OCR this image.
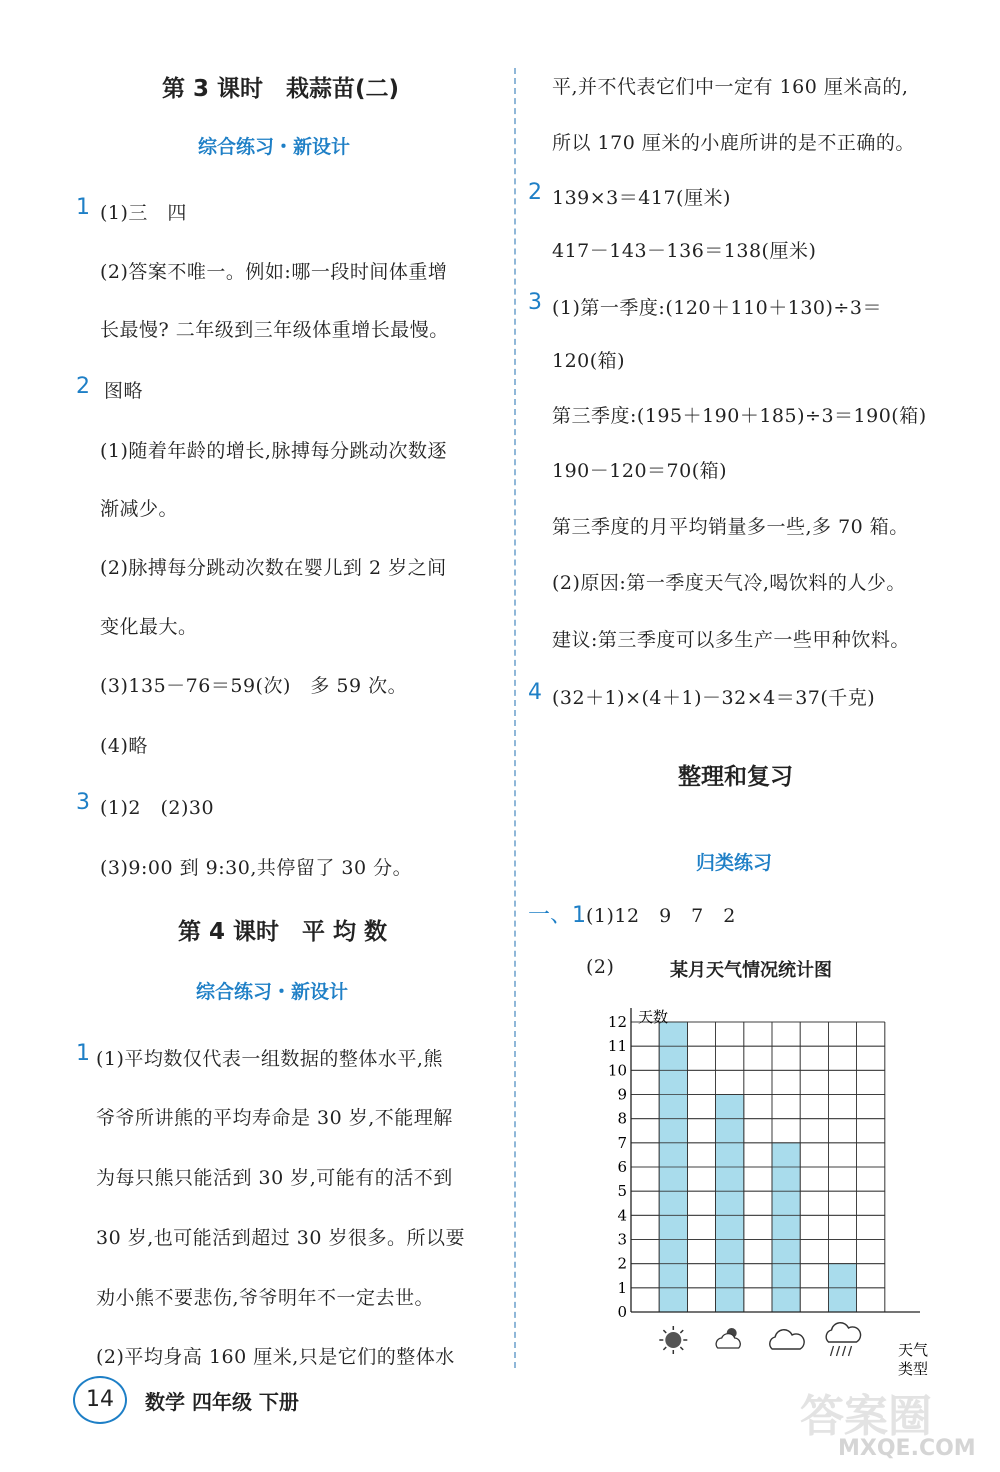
第 3 课时　栽蒜苗(二)
综合练习・新设计
1 (1)三　四
(2)答案不唯一。例如:哪一段时间体重增
长最慢? 二年级到三年级体重增长最慢。
2 图略
(1)随着年龄的增长,脉搏每分跳动次数逐
渐减少。
(2)脉搏每分跳动次数在婴儿到 2 岁之间
变化最大。
(3)135－76＝59(次)　多 59 次。
(4)略
3 (1)2　(2)30
(3)9:00 到 9:30,共停留了 30 分。
第 4 课时　平 均 数
综合练习・新设计
1 (1)平均数仅代表一组数据的整体水平,熊
爷爷所讲熊的平均寿命是 30 岁,不能理解
为每只熊只能活到 30 岁,可能有的活不到
30 岁,也可能活到超过 30 岁很多。所以要
劝小熊不要悲伤,爷爷明年不一定去世。
(2)平均身高 160 厘米,只是它们的整体水
平,并不代表它们中一定有 160 厘米高的,
所以 170 厘米的小鹿所讲的是不正确的。
2 139×3＝417(厘米)
417－143－136＝138(厘米)
3 (1)第一季度:(120＋110＋130)÷3＝
120(箱)
第三季度:(195＋190＋185)÷3＝190(箱)
190－120＝70(箱)
第三季度的月平均销量多一些,多 70 箱。
(2)原因:第一季度天气冷,喝饮料的人少。
建议:第三季度可以多生产一些甲种饮料。
4 (32＋1)×(4＋1)－32×4＝37(千克)
整理和复习
归类练习
一、1 (1)12　9　7　2
(2)	某月天气情况统计图
0
1
2
3
4
5
6
7
8
9
10
11
12 天数
天气
类型
14	数学 四年级 下册	答案圈
MXQE.COM
